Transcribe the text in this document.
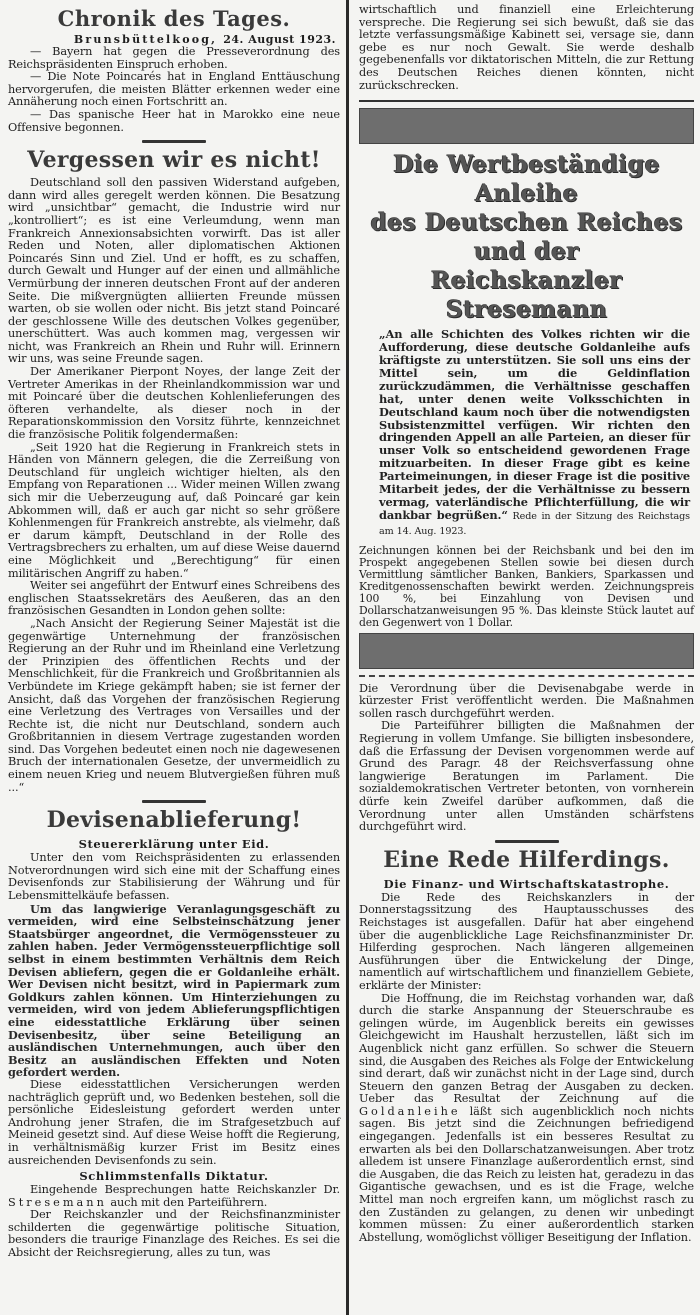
Chronik des Tages.
Brunsbüttelkoog, 24. August 1923.

— Bayern hat gegen die Presseverordnung des Reichspräsidenten Einspruch erhoben.

— Die Note Poincarés hat in England Enttäuschung hervorgerufen, die meisten Blätter erkennen weder eine Annäherung noch einen Fortschritt an.

— Das spanische Heer hat in Marokko eine neue Offensive begonnen.

Vergessen wir es nicht!

Deutschland soll den passiven Widerstand aufgeben, dann wird alles geregelt werden können. Die Besatzung wird „unsichtbar“ gemacht, die Industrie wird nur „kontrolliert“; es ist eine Verleumdung, wenn man Frankreich Annexionsabsichten vorwirft. Das ist aller Reden und Noten, aller diplomatischen Aktionen Poincarés Sinn und Ziel. Und er hofft, es zu schaffen, durch Gewalt und Hunger auf der einen und allmähliche Vermürbung der inneren deutschen Front auf der anderen Seite. Die mißvergnügten alliierten Freunde müssen warten, ob sie wollen oder nicht. Bis jetzt stand Poincaré der geschlossene Wille des deutschen Volkes gegenüber, unerschüttert. Was auch kommen mag, vergessen wir nicht, was Frankreich an Rhein und Ruhr will. Erinnern wir uns, was seine Freunde sagen.

Der Amerikaner Pierpont Noyes, der lange Zeit der Vertreter Amerikas in der Rheinlandkommission war und mit Poincaré über die deutschen Kohlenlieferungen des öfteren verhandelte, als dieser noch in der Reparationskommission den Vorsitz führte, kennzeichnet die französische Politik folgendermaßen:

„Seit 1920 hat die Regierung in Frankreich stets in Händen von Männern gelegen, die die Zerreißung von Deutschland für ungleich wichtiger hielten, als den Empfang von Reparationen ... Wider meinen Willen zwang sich mir die Ueberzeugung auf, daß Poincaré gar kein Abkommen will, daß er auch gar nicht so sehr größere Kohlenmengen für Frankreich anstrebte, als vielmehr, daß er darum kämpft, Deutschland in der Rolle des Vertragsbrechers zu erhalten, um auf diese Weise dauernd eine Möglichkeit und „Berechtigung“ für einen militärischen Angriff zu haben.“

Weiter sei angeführt der Entwurf eines Schreibens des englischen Staatssekretärs des Aeußeren, das an den französischen Gesandten in London gehen sollte:

„Nach Ansicht der Regierung Seiner Majestät ist die gegenwärtige Unternehmung der französischen Regierung an der Ruhr und im Rheinland eine Verletzung der Prinzipien des öffentlichen Rechts und der Menschlichkeit, für die Frankreich und Großbritannien als Verbündete im Kriege gekämpft haben; sie ist ferner der Ansicht, daß das Vorgehen der französischen Regierung eine Verletzung des Vertrages von Versailles und der Rechte ist, die nicht nur Deutschland, sondern auch Großbritannien in diesem Vertrage zugestanden worden sind. Das Vorgehen bedeutet einen noch nie dagewesenen Bruch der internationalen Gesetze, der unvermeidlich zu einem neuen Krieg und neuem Blutvergießen führen muß ...“

Devisenablieferung!
Steuererklärung unter Eid.

Unter den vom Reichspräsidenten zu erlassenden Notverordnungen wird sich eine mit der Schaffung eines Devisenfonds zur Stabilisierung der Währung und für Lebensmittelkäufe befassen.

Um das langwierige Veranlagungsgeschäft zu vermeiden, wird eine Selbsteinschätzung jener Staatsbürger angeordnet, die Vermögenssteuer zu zahlen haben. Jeder Vermögenssteuerpflichtige soll selbst in einem bestimmten Verhältnis dem Reich Devisen abliefern, gegen die er Goldanleihe erhält. Wer Devisen nicht besitzt, wird in Papiermark zum Goldkurs zahlen können. Um Hinterziehungen zu vermeiden, wird von jedem Ablieferungspflichtigen eine eidesstattliche Erklärung über seinen Devisenbesitz, über seine Beteiligung an ausländischen Unternehmungen, auch über den Besitz an ausländischen Effekten und Noten gefordert werden.

Diese eidesstattlichen Versicherungen werden nachträglich geprüft und, wo Bedenken bestehen, soll die persönliche Eidesleistung gefordert werden unter Androhung jener Strafen, die im Strafgesetzbuch auf Meineid gesetzt sind. Auf diese Weise hofft die Regierung, in verhältnismäßig kurzer Frist im Besitz eines ausreichenden Devisenfonds zu sein.

Schlimmstenfalls Diktatur.

Eingehende Besprechungen hatte Reichskanzler Dr. Stresemann auch mit den Parteiführern.

Der Reichskanzler und der Reichsfinanzminister schilderten die gegenwärtige politische Situation, besonders die traurige Finanzlage des Reiches. Es sei die Absicht der Reichsregierung, alles zu tun, was

wirtschaftlich und finanziell eine Erleichterung verspreche. Die Regierung sei sich bewußt, daß sie das letzte verfassungsmäßige Kabinett sei, versage sie, dann gebe es nur noch Gewalt. Sie werde deshalb gegebenenfalls vor diktatorischen Mitteln, die zur Rettung des Deutschen Reiches dienen könnten, nicht zurückschrecken.

Die Wertbeständige Anleihe
des Deutschen Reiches und der
Reichskanzler Stresemann

„An alle Schichten des Volkes richten wir die Aufforderung, diese deutsche Goldanleihe aufs kräftigste zu unterstützen. Sie soll uns eins der Mittel sein, um die Geldinflation zurückzudämmen, die Verhältnisse geschaffen hat, unter denen weite Volksschichten in Deutschland kaum noch über die notwendigsten Subsistenzmittel verfügen. Wir richten den dringenden Appell an alle Parteien, an dieser für unser Volk so entscheidend gewordenen Frage mitzuarbeiten. In dieser Frage gibt es keine Parteimeinungen, in dieser Frage ist die positive Mitarbeit jedes, der die Verhältnisse zu bessern vermag, vaterländische Pflichterfüllung, die wir dankbar begrüßen.“ Rede in der Sitzung des Reichstags am 14. Aug. 1923.

Zeichnungen können bei der Reichsbank und bei den im Prospekt angegebenen Stellen sowie bei diesen durch Vermittlung sämtlicher Banken, Bankiers, Sparkassen und Kreditgenossenschaften bewirkt werden. Zeichnungspreis 100 %, bei Einzahlung von Devisen und Dollarschatzanweisungen 95 %. Das kleinste Stück lautet auf den Gegenwert von 1 Dollar.

Die Verordnung über die Devisenabgabe werde in kürzester Frist veröffentlicht werden. Die Maßnahmen sollen rasch durchgeführt werden.

Die Parteiführer billigten die Maßnahmen der Regierung in vollem Umfange. Sie billigten insbesondere, daß die Erfassung der Devisen vorgenommen werde auf Grund des Paragr. 48 der Reichsverfassung ohne langwierige Beratungen im Parlament. Die sozialdemokratischen Vertreter betonten, von vornherein dürfe kein Zweifel darüber aufkommen, daß die Verordnung unter allen Umständen schärfstens durchgeführt wird.

Eine Rede Hilferdings.
Die Finanz- und Wirtschaftskatastrophe.

Die Rede des Reichskanzlers in der Donnerstagssitzung des Hauptausschusses des Reichstages ist ausgefallen. Dafür hat aber eingehend über die augenblickliche Lage Reichsfinanzminister Dr. Hilferding gesprochen. Nach längeren allgemeinen Ausführungen über die Entwickelung der Dinge, namentlich auf wirtschaftlichem und finanziellem Gebiete, erklärte der Minister:

Die Hoffnung, die im Reichstag vorhanden war, daß durch die starke Anspannung der Steuerschraube es gelingen würde, im Augenblick bereits ein gewisses Gleichgewicht im Haushalt herzustellen, läßt sich im Augenblick nicht ganz erfüllen. So schwer die Steuern sind, die Ausgaben des Reiches als Folge der Entwickelung sind derart, daß wir zunächst nicht in der Lage sind, durch Steuern den ganzen Betrag der Ausgaben zu decken. Ueber das Resultat der Zeichnung auf die Goldanleihe läßt sich augenblicklich noch nichts sagen. Bis jetzt sind die Zeichnungen befriedigend eingegangen. Jedenfalls ist ein besseres Resultat zu erwarten als bei den Dollarschatzanweisungen. Aber trotz alledem ist unsere Finanzlage außerordentlich ernst, sind die Ausgaben, die das Reich zu leisten hat, geradezu in das Gigantische gewachsen, und es ist die Frage, welche Mittel man noch ergreifen kann, um möglichst rasch zu den Zuständen zu gelangen, zu denen wir unbedingt kommen müssen: Zu einer außerordentlich starken Abstellung, womöglichst völliger Beseitigung der Inflation.
